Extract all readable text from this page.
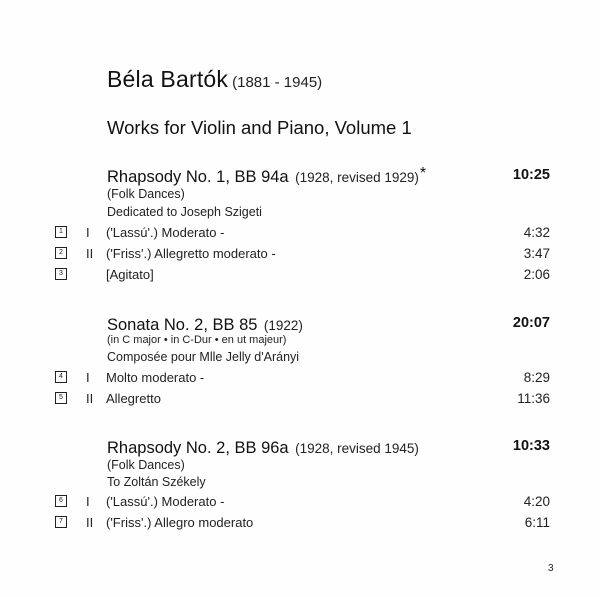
Béla Bartók (1881 - 1945)
Works for Violin and Piano, Volume 1
Rhapsody No. 1, BB 94a (1928, revised 1929)*	10:25
(Folk Dances)
Dedicated to Joseph Szigeti
1	I ('Lassú'.) Moderato -	4:32
2	II ('Friss'.) Allegretto moderato -	3:47
3	[Agitato]	2:06
Sonata No. 2, BB 85 (1922)	20:07
(in C major • in C-Dur • en ut majeur)
Composée pour Mlle Jelly d'Arányi
4	I Molto moderato -	8:29
5	II Allegretto	11:36
Rhapsody No. 2, BB 96a (1928, revised 1945)	10:33
(Folk Dances)
To Zoltán Székely
6	I ('Lassú'.) Moderato -	4:20
7	II ('Friss'.) Allegro moderato	6:11
3
